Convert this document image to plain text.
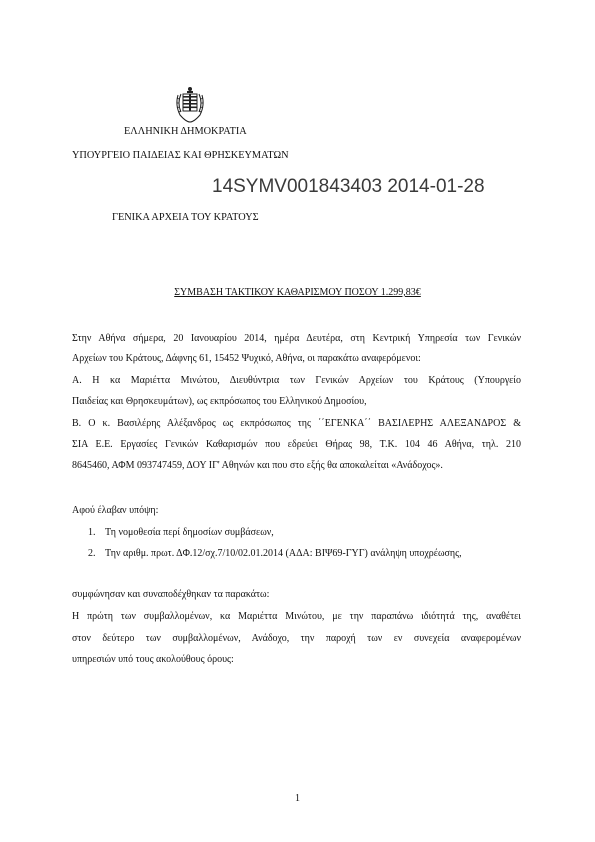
ΕΛΛΗΝΙΚΗ ΔΗΜΟΚΡΑΤΙΑ
ΥΠΟΥΡΓΕΙΟ ΠΑΙΔΕΙΑΣ ΚΑΙ ΘΡΗΣΚΕΥΜΑΤΩΝ
14SYMV001843403 2014-01-28
ΓΕΝΙΚΑ ΑΡΧΕΙΑ ΤΟΥ ΚΡΑΤΟΥΣ
ΣΥΜΒΑΣΗ ΤΑΚΤΙΚΟΥ ΚΑΘΑΡΙΣΜΟΥ ΠΟΣΟΥ 1.299,83€
Στην Αθήνα σήμερα, 20 Ιανουαρίου 2014, ημέρα Δευτέρα, στη Κεντρική Υπηρεσία των Γενικών
Αρχείων του Κράτους, Δάφνης 61, 15452 Ψυχικό, Αθήνα, οι παρακάτω αναφερόμενοι:
Α. Η κα Μαριέττα Μινώτου, Διευθύντρια των Γενικών Αρχείων του Κράτους (Υπουργείο
Παιδείας και Θρησκευμάτων), ως εκπρόσωπος του Ελληνικού Δημοσίου,
Β. Ο κ. Βασιλέρης Αλέξανδρος ως εκπρόσωπος της ΄΄ΕΓΕΝΚΑ΄΄ ΒΑΣΙΛΕΡΗΣ ΑΛΕΞΑΝΔΡΟΣ &
ΣΙΑ Ε.Ε. Εργασίες Γενικών Καθαρισμών που εδρεύει Θήρας 98, Τ.Κ. 104 46 Αθήνα, τηλ. 210
8645460, ΑΦΜ 093747459, ΔΟΥ ΙΓ' Αθηνών και που στο εξής θα αποκαλείται «Ανάδοχος».
Αφού έλαβαν υπόψη:
1. Τη νομοθεσία περί δημοσίων συμβάσεων,
2. Την αριθμ. πρωτ. ΔΦ.12/σχ.7/10/02.01.2014 (ΑΔΑ: ΒΙΨ69-ΓΥΓ) ανάληψη υποχρέωσης,
συμφώνησαν και συναποδέχθηκαν τα παρακάτω:
Η πρώτη των συμβαλλομένων, κα Μαριέττα Μινώτου, με την παραπάνω ιδιότητά της, αναθέτει
στον δεύτερο των συμβαλλομένων, Ανάδοχο, την παροχή των εν συνεχεία αναφερομένων
υπηρεσιών υπό τους ακολούθους όρους:
1
